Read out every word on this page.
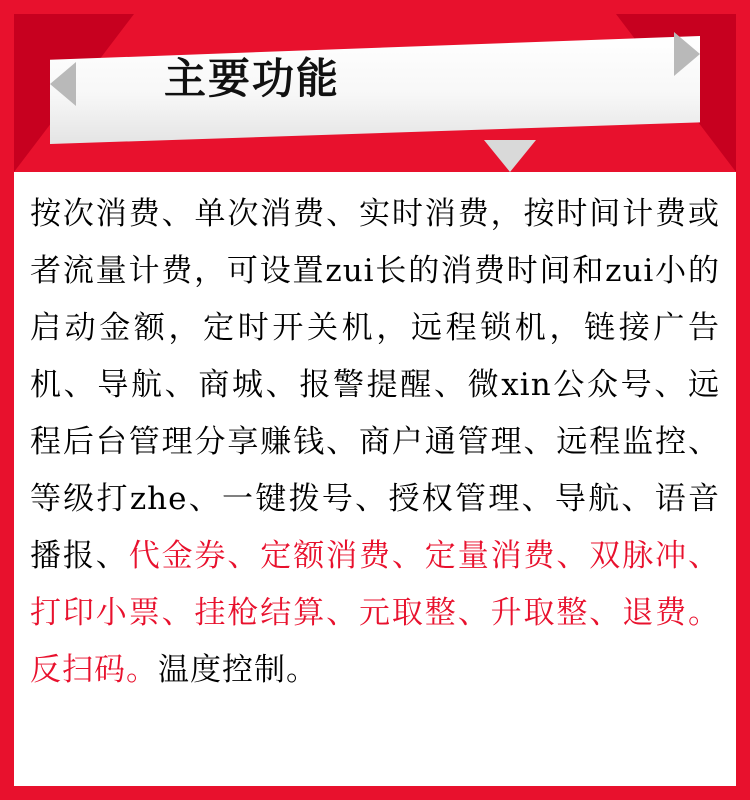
主要功能

按次消费、单次消费、实时消费，按时间计费或者流量计费，可设置zui长的消费时间和zui小的启动金额，定时开关机，远程锁机，链接广告机、导航、商城、报警提醒、微xin公众号、远程后台管理分享赚钱、商户通管理、远程监控、等级打zhe、一键拨号、授权管理、导航、语音播报、代金券、定额消费、定量消费、双脉冲、打印小票、挂枪结算、元取整、升取整、退费。反扫码。温度控制。
